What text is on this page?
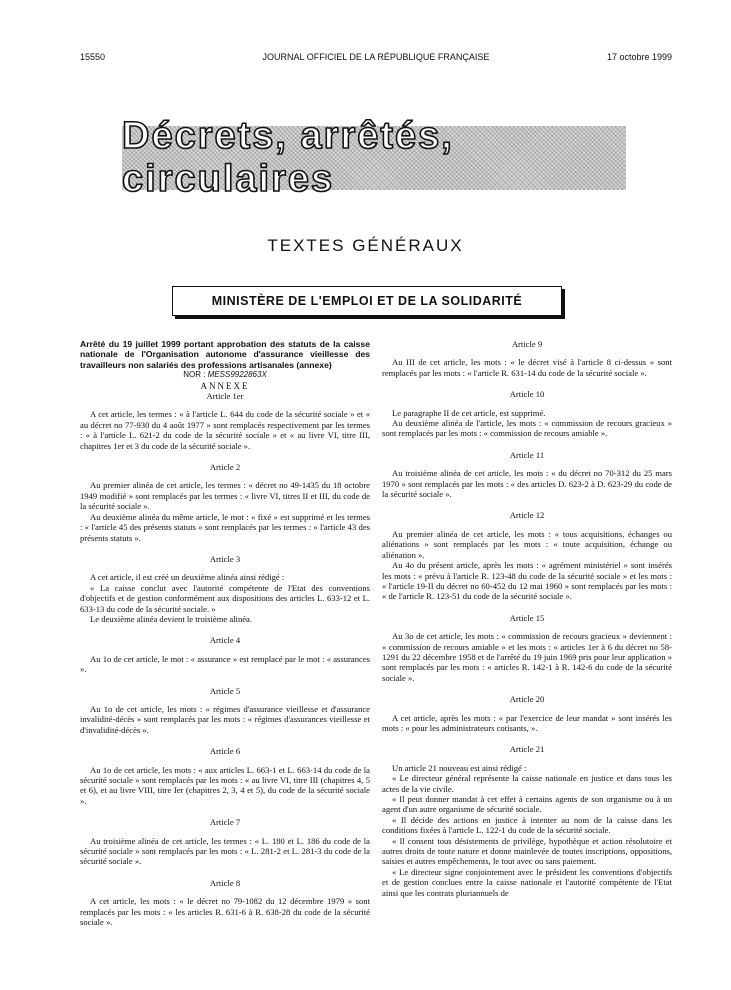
15550	JOURNAL OFFICIEL DE LA RÉPUBLIQUE FRANÇAISE	17 octobre 1999
Décrets, arrêtés, circulaires
TEXTES GÉNÉRAUX
MINISTÈRE DE L'EMPLOI ET DE LA SOLIDARITÉ

Arrêté du 19 juillet 1999 portant approbation des statuts de la caisse nationale de l'Organisation autonome d'assurance vieillesse des travailleurs non salariés des professions artisanales (annexe)

NOR : MESS9922863X

ANNEXE

Article 1er

A cet article, les termes : « à l'article L. 644 du code de la sécurité sociale » et « au décret no 77-930 du 4 août 1977 » sont remplacés respectivement par les termes : « à l'article L. 621-2 du code de la sécurité sociale » et « au livre VI, titre III, chapitres 1er et 3 du code de la sécurité sociale ».

Article 2

Au premier alinéa de cet article, les termes : « décret no 49-1435 du 18 octobre 1949 modifié » sont remplacés par les termes : « livre VI, titres II et III, du code de la sécurité sociale ».

Au deuxième alinéa du même article, le mot : « fixé » est supprimé et les termes : « l'article 45 des présents statuts » sont remplacés par les termes : « l'article 43 des présents statuts ».

Article 3

A cet article, il est créé un deuxième alinéa ainsi rédigé :

« La caisse conclut avec l'autorité compétente de l'Etat des conventions d'objectifs et de gestion conformément aux dispositions des articles L. 633-12 et L. 633-13 du code de la sécurité sociale. »

Le deuxième alinéa devient le troisième alinéa.

Article 4

Au 1o de cet article, le mot : « assurance » est remplacé par le mot : « assurances ».

Article 5

Au 1o de cet article, les mots : « régimes d'assurance vieillesse et d'assurance invalidité-décès » sont remplacés par les mots : « régimes d'assurances vieillesse et d'invalidité-décès ».

Article 6

Au 1o de cet article, les mots : « aux articles L. 663-1 et L. 663-14 du code de la sécurité sociale » sont remplacés par les mots : « au livre VI, titre III (chapitres 4, 5 et 6), et au livre VIII, titre Ier (chapitres 2, 3, 4 et 5), du code de la sécurité sociale ».

Article 7

Au troisième alinéa de cet article, les termes : « L. 180 et L. 186 du code de la sécurité sociale » sont remplacés par les mots : « L. 281-2 et L. 281-3 du code de la sécurité sociale ».

Article 8

A cet article, les mots : « le décret no 79-1082 du 12 décembre 1979 » sont remplacés par les mots : « les articles R. 631-6 à R. 638-28 du code de la sécurité sociale ».

Article 9

Au III de cet article, les mots : « le décret visé à l'article 8 ci-dessus » sont remplacés par les mots : « l'article R. 631-14 du code de la sécurité sociale ».

Article 10

Le paragraphe II de cet article, est supprimé.

Au deuxième alinéa de l'article, les mots : « commission de recours gracieux » sont remplacés par les mots : « commission de recours amiable ».

Article 11

Au troisième alinéa de cet article, les mots : « du décret no 70-312 du 25 mars 1970 » sont remplacés par les mots : « des articles D. 623-2 à D. 623-29 du code de la sécurité sociale ».

Article 12

Au premier alinéa de cet article, les mots : « tous acquisitions, échanges ou aliénations » sont remplacés par les mots : « toute acquisition, échange ou aliénation ».

Au 4o du présent article, après les mots : « agrément ministériel » sont insérés les mots : « prévu à l'article R. 123-48 du code de la sécurité sociale » et les mots : « l'article 19-II du décret no 60-452 du 12 mai 1960 » sont remplacés par les mots : « de l'article R. 123-51 du code de la sécurité sociale ».

Article 15

Au 3o de cet article, les mots : « commission de recours gracieux » deviennent : « commission de recours amiable » et les mots : « articles 1er à 6 du décret no 58-1291 du 22 décembre 1958 et de l'arrêté du 19 juin 1969 pris pour leur application » sont remplacés par les mots : « articles R. 142-1 à R. 142-6 du code de la sécurité sociale ».

Article 20

A cet article, après les mots : « par l'exercice de leur mandat » sont insérés les mots : « pour les administrateurs cotisants, ».

Article 21

Un article 21 nouveau est ainsi rédigé :

« Le directeur général représente la caisse nationale en justice et dans tous les actes de la vie civile.

« Il peut donner mandat à cet effet à certains agents de son organisme ou à un agent d'un autre organisme de sécurité sociale.

« Il décide des actions en justice à intenter au nom de la caisse dans les conditions fixées à l'article L. 122-1 du code de la sécurité sociale.

« Il consent tous désistements de privilège, hypothèque et action résolutoire et autres droits de toute nature et donne mainlevée de toutes inscriptions, oppositions, saisies et autres empêchements, le tout avec ou sans paiement.

« Le directeur signe conjointement avec le président les conventions d'objectifs et de gestion conclues entre la caisse nationale et l'autorité compétente de l'Etat ainsi que les contrats pluriannuels de
